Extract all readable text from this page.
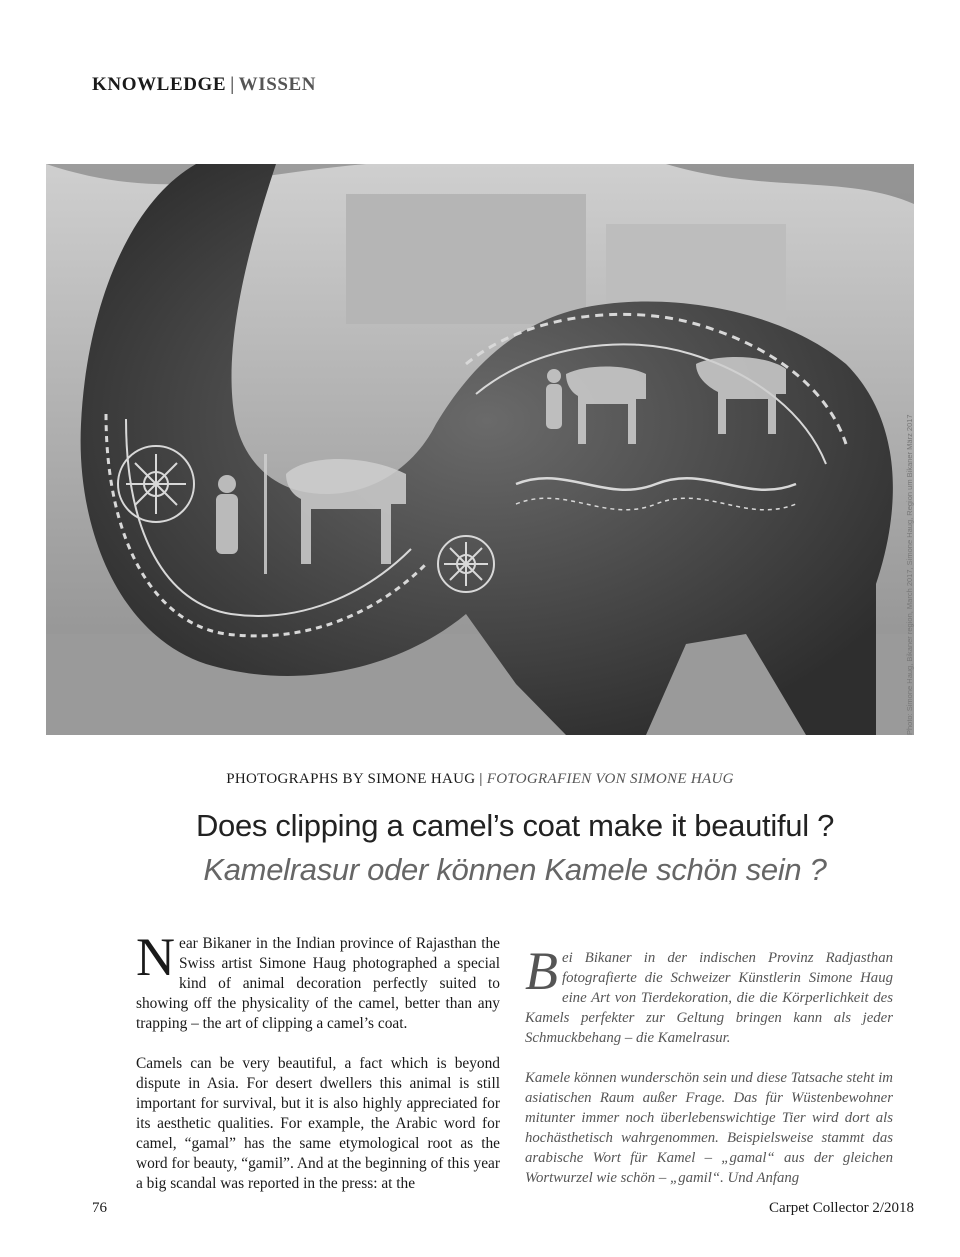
KNOWLEDGE | WISSEN
Photo: Simone Haug, Bikaner region, March 2017, Simone Haug, Region um Bikaner März 2017
PHOTOGRAPHS BY SIMONE HAUG | FOTOGRAFIEN VON SIMONE HAUG
Does clipping a camel’s coat make it beautiful ?
Kamelrasur oder können Kamele schön sein ?

Near Bikaner in the Indian province of Rajasthan the Swiss artist Simone Haug photographed a special kind of animal decoration perfectly suited to showing off the physicality of the camel, better than any trapping – the art of clipping a camel’s coat.

Camels can be very beautiful, a fact which is beyond dispute in Asia. For desert dwellers this animal is still important for survival, but it is also highly appreciated for its aesthetic qualities. For example, the Arabic word for camel, “gamal” has the same etymological root as the word for beauty, “gamil”. And at the beginning of this year a big scandal was reported in the press: at the

Bei Bikaner in der indischen Provinz Radjasthan fotografierte die Schweizer Künstlerin Simone Haug eine Art von Tierdekoration, die die Körperlichkeit des Kamels perfekter zur Geltung bringen kann als jeder Schmuckbehang – die Kamelrasur.

Kamele können wunderschön sein und diese Tatsache steht im asiatischen Raum außer Frage. Das für Wüstenbewohner mitunter immer noch überlebenswichtige Tier wird dort als hochästhetisch wahrgenommen. Beispielsweise stammt das arabische Wort für Kamel – „gamal“ aus der gleichen Wortwurzel wie schön – „gamil“. Und Anfang

76	Carpet Collector 2/2018
